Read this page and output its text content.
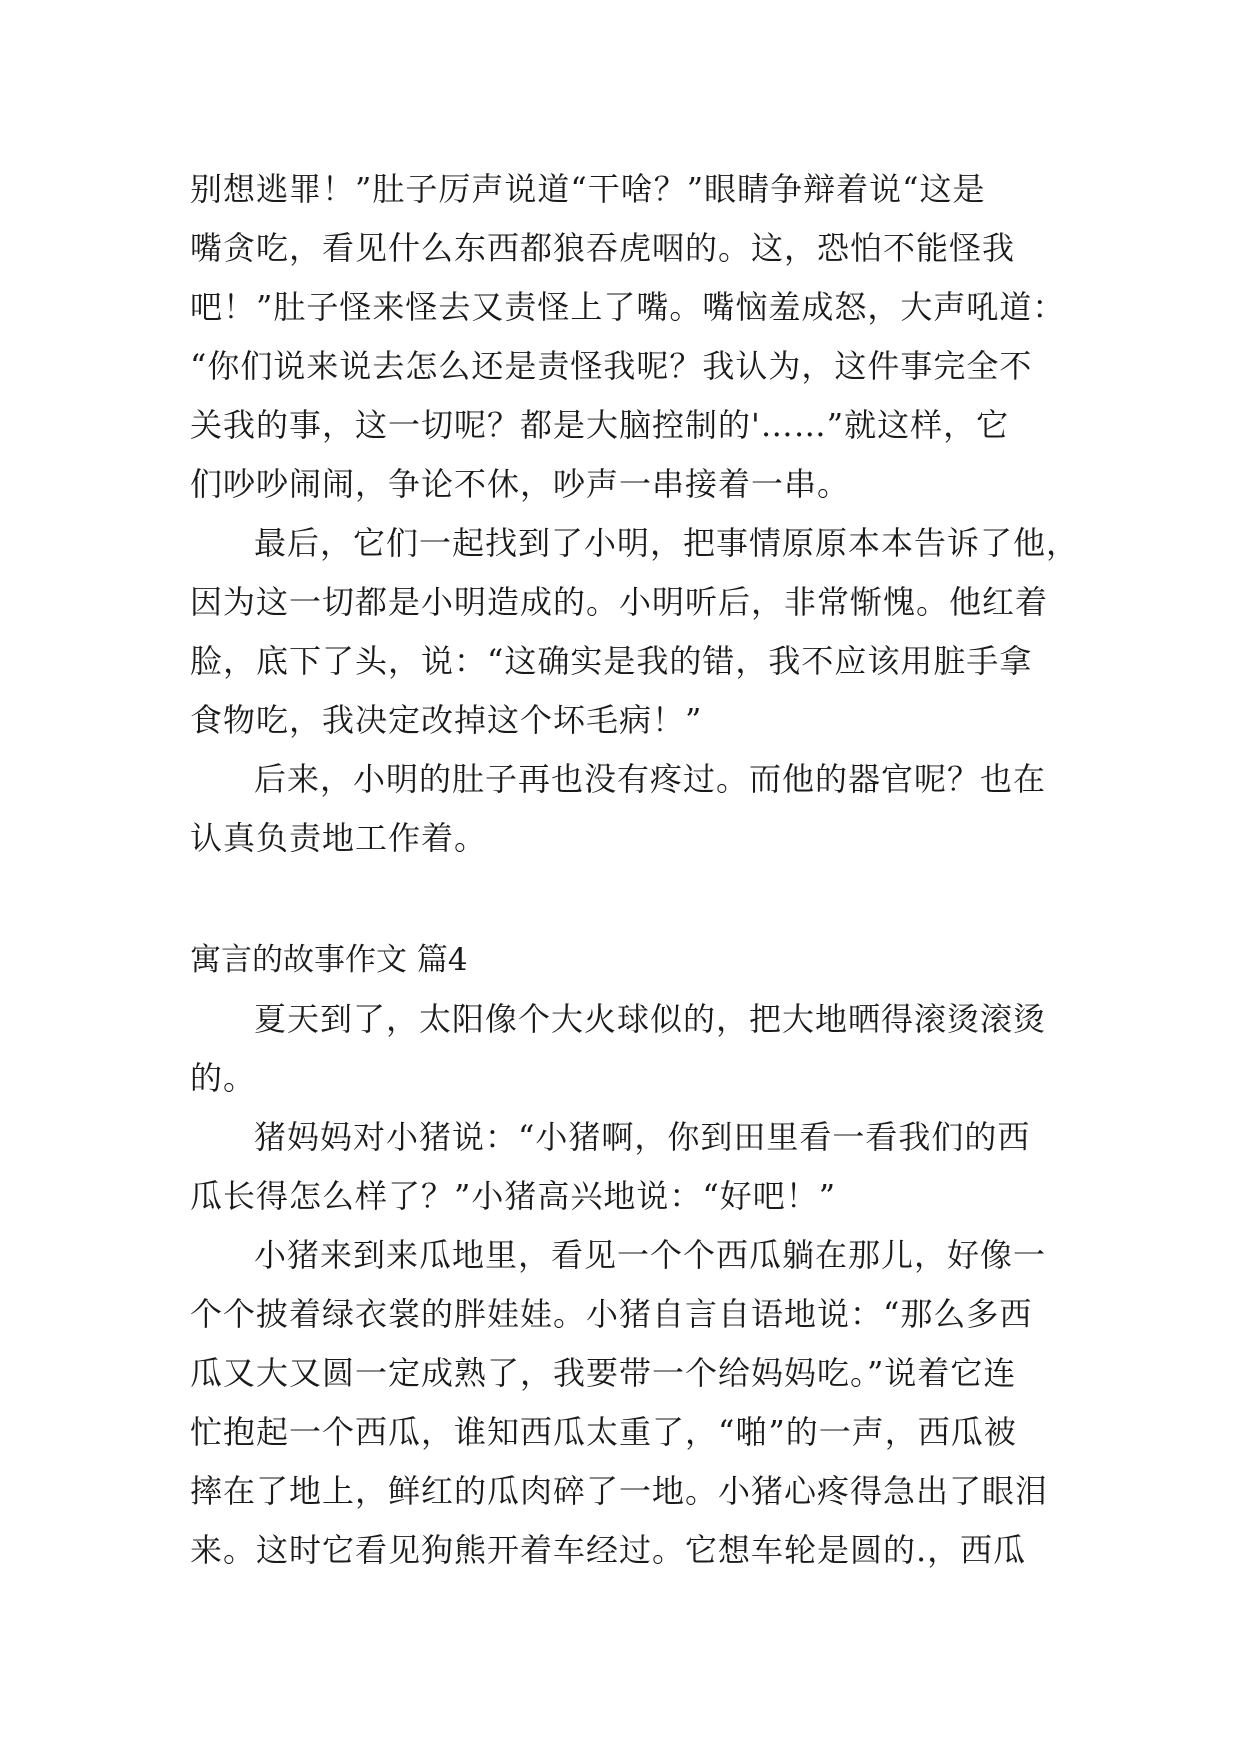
别想逃罪！”肚子厉声说道“干啥？”眼睛争辩着说“这是
嘴贪吃，看见什么东西都狼吞虎咽的。这，恐怕不能怪我
吧！”肚子怪来怪去又责怪上了嘴。嘴恼羞成怒，大声吼道：
“你们说来说去怎么还是责怪我呢？我认为，这件事完全不
关我的事，这一切呢？都是大脑控制的'……”就这样，它
们吵吵闹闹，争论不休，吵声一串接着一串。

最后，它们一起找到了小明，把事情原原本本告诉了他，
因为这一切都是小明造成的。小明听后，非常惭愧。他红着
脸，底下了头，说：“这确实是我的错，我不应该用脏手拿
食物吃，我决定改掉这个坏毛病！”

后来，小明的肚子再也没有疼过。而他的器官呢？也在
认真负责地工作着。

寓言的故事作文 篇4

夏天到了，太阳像个大火球似的，把大地晒得滚烫滚烫
的。

猪妈妈对小猪说：“小猪啊，你到田里看一看我们的西
瓜长得怎么样了？”小猪高兴地说：“好吧！”

小猪来到来瓜地里，看见一个个西瓜躺在那儿，好像一
个个披着绿衣裳的胖娃娃。小猪自言自语地说：“那么多西
瓜又大又圆一定成熟了，我要带一个给妈妈吃。”说着它连
忙抱起一个西瓜，谁知西瓜太重了，“啪”的一声，西瓜被
摔在了地上，鲜红的瓜肉碎了一地。小猪心疼得急出了眼泪
来。这时它看见狗熊开着车经过。它想车轮是圆的.，西瓜
